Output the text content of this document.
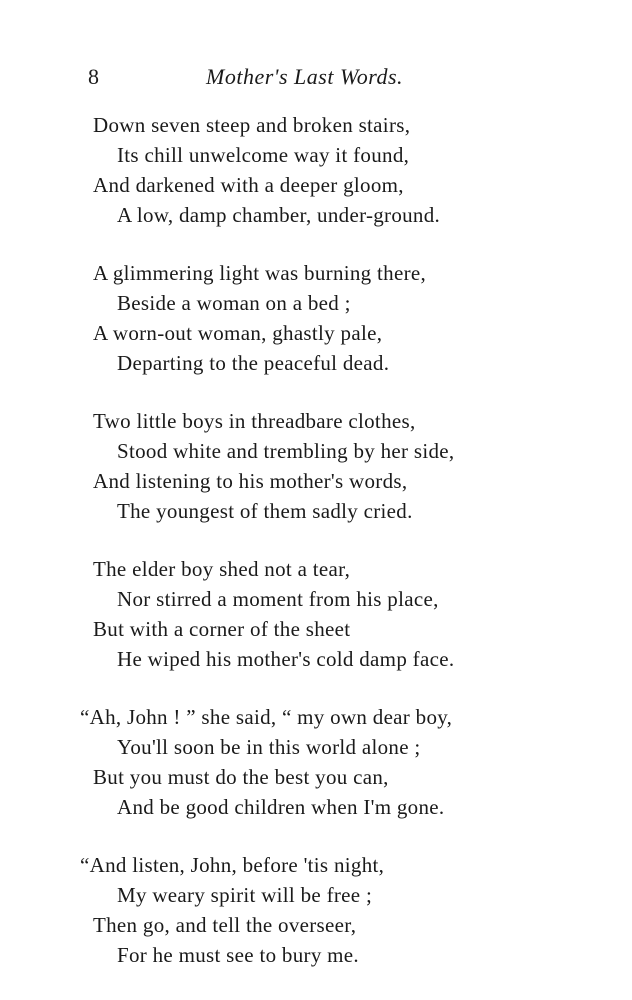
8	Mother's Last Words.
Down seven steep and broken stairs,
Its chill unwelcome way it found,
And darkened with a deeper gloom,
A low, damp chamber, under-ground.
A glimmering light was burning there,
Beside a woman on a bed ;
A worn-out woman, ghastly pale,
Departing to the peaceful dead.
Two little boys in threadbare clothes,
Stood white and trembling by her side,
And listening to his mother's words,
The youngest of them sadly cried.
The elder boy shed not a tear,
Nor stirred a moment from his place,
But with a corner of the sheet
He wiped his mother's cold damp face.
“Ah, John ! ” she said, “ my own dear boy,
You'll soon be in this world alone ;
But you must do the best you can,
And be good children when I'm gone.
“And listen, John, before 'tis night,
My weary spirit will be free ;
Then go, and tell the overseer,
For he must see to bury me.
